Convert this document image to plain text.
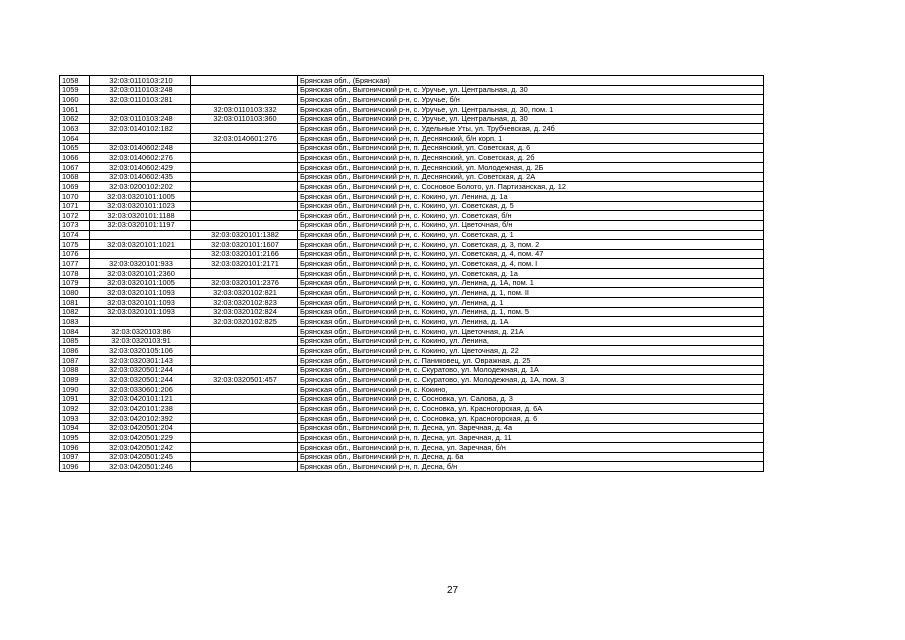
1058	32:03:0110103:210		Брянская обл., (Брянская)
1059	32:03:0110103:248		Брянская обл., Выгоничский р-н, с. Уручье, ул. Центральная, д. 30
1060	32:03:0110103:281		Брянская обл., Выгоничский р-н, с. Уручье, б/н
1061		32:03:0110103:332	Брянская обл., Выгоничский р-н, с. Уручье, ул. Центральная, д. 30, пом. 1
1062	32:03:0110103:248	32:03:0110103:360	Брянская обл., Выгоничский р-н, с. Уручье, ул. Центральная, д. 30
1063	32:03:0140102:182		Брянская обл., Выгоничский р-н, с. Удельные Уты, ул. Трубчевская, д. 24б
1064		32:03:0140601:276	Брянская обл., Выгоничский р-н, п. Деснянский, б/н корп. 1
1065	32:03:0140602:248		Брянская обл., Выгоничский р-н, п. Деснянский, ул. Советская, д. 6
1066	32:03:0140602:276		Брянская обл., Выгоничский р-н, п. Деснянский, ул. Советская, д. 2б
1067	32:03:0140602:429		Брянская обл., Выгоничский р-н, п. Деснянский, ул. Молодежная, д. 2Б
1068	32:03:0140602:435		Брянская обл., Выгоничский р-н, п. Деснянский, ул. Советская, д. 2А
1069	32:03:0200102:202		Брянская обл., Выгоничский р-н, с. Сосновое Болото, ул. Партизанская, д. 12
1070	32:03:0320101:1005		Брянская обл., Выгоничский р-н, с. Кокино, ул. Ленина, д. 1а
1071	32:03:0320101:1023		Брянская обл., Выгоничский р-н, с. Кокино, ул. Советская, д. 5
1072	32:03:0320101:1188		Брянская обл., Выгоничский р-н, с. Кокино, ул. Советская, б/н
1073	32:03:0320101:1197		Брянская обл., Выгоничский р-н, с. Кокино, ул. Цветочная, б/н
1074		32:03:0320101:1382	Брянская обл., Выгоничский р-н, с. Кокино, ул. Советская, д. 1
1075	32:03:0320101:1021	32:03:0320101:1607	Брянская обл., Выгоничский р-н, с. Кокино, ул. Советская, д. 3, пом. 2
1076		32:03:0320101:2166	Брянская обл., Выгоничский р-н, с. Кокино, ул. Советская, д. 4, пом. 47
1077	32:03:0320101:933	32:03:0320101:2171	Брянская обл., Выгоничский р-н, с. Кокино, ул. Советская, д. 4, пом. I
1078	32:03:0320101:2360		Брянская обл., Выгоничский р-н, с. Кокино, ул. Советская, д. 1а
1079	32:03:0320101:1005	32:03:0320101:2376	Брянская обл., Выгоничский р-н, с. Кокино, ул. Ленина, д. 1А, пом. 1
1080	32:03:0320101:1093	32:03:0320102:821	Брянская обл., Выгоничский р-н, с. Кокино, ул. Ленина, д. 1, пом. II
1081	32:03:0320101:1093	32:03:0320102:823	Брянская обл., Выгоничский р-н, с. Кокино, ул. Ленина, д. 1
1082	32:03:0320101:1093	32:03:0320102:824	Брянская обл., Выгоничский р-н, с. Кокино, ул. Ленина, д. 1, пом. 5
1083		32:03:0320102:825	Брянская обл., Выгоничский р-н, с. Кокино, ул. Ленина, д. 1А
1084	32:03:0320103:86		Брянская обл., Выгоничский р-н, с. Кокино, ул. Цветочная, д. 21А
1085	32:03:0320103:91		Брянская обл., Выгоничский р-н, с. Кокино, ул. Ленина,
1086	32:03:0320105:106		Брянская обл., Выгоничский р-н, с. Кокино, ул. Цветочная, д. 22
1087	32:03:0320301:143		Брянская обл., Выгоничский р-н, с. Паниковец, ул. Овражная, д. 25
1088	32:03:0320501:244		Брянская обл., Выгоничский р-н, с. Скуратово, ул. Молодежная, д. 1А
1089	32:03:0320501:244	32:03:0320501:457	Брянская обл., Выгоничский р-н, с. Скуратово, ул. Молодежная, д. 1А, пом. 3
1090	32:03:0330601:206		Брянская обл., Выгоничский р-н, с. Кокино,
1091	32:03:0420101:121		Брянская обл., Выгоничский р-н, с. Сосновка, ул. Салова, д. 3
1092	32:03:0420101:238		Брянская обл., Выгоничский р-н, с. Сосновка, ул. Красногорская, д. 6А
1093	32:03:0420102:392		Брянская обл., Выгоничский р-н, с. Сосновка, ул. Красногорская, д. 6
1094	32:03:0420501:204		Брянская обл., Выгоничский р-н, п. Десна, ул. Заречная, д. 4а
1095	32:03:0420501:229		Брянская обл., Выгоничский р-н, п. Десна, ул. Заречная, д. 11
1096	32:03:0420501:242		Брянская обл., Выгоничский р-н, п. Десна, ул. Заречная, б/н
1097	32:03:0420501:245		Брянская обл., Выгоничский р-н, п. Десна, д. 6а
1096	32:03:0420501:246		Брянская обл., Выгоничский р-н, п. Десна, б/н
27
